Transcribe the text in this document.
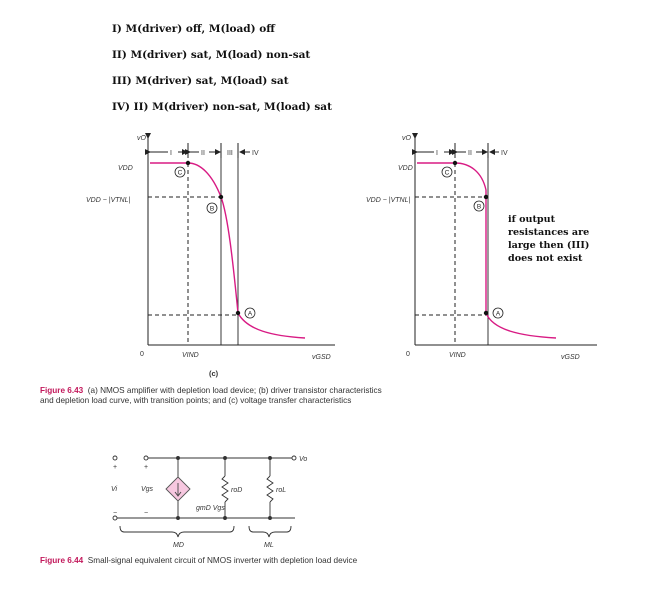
I) M(driver) off, M(load) off
II) M(driver) sat, M(load) non-sat
III) M(driver) sat, M(load) sat
IV) II) M(driver) non-sat, M(load) sat
vO
0	vGSD
VDD
VDD − |VTNL|
VIND
I	II	III	IV
C
B
A
(c)
vO
0	vGSD
VDD
VDD − |VTNL|
VIND
I	II	IV
C
B
A
+	+
−	−
Vi	Vgs
gmD Vgs
roD	roL
Vo
MD	ML
if output resistances are large then (III) does not exist
Figure 6.43 (a) NMOS amplifier with depletion load device; (b) driver transistor characteristics and depletion load curve, with transition points; and (c) voltage transfer characteristics
Figure 6.44 Small-signal equivalent circuit of NMOS inverter with depletion load device
